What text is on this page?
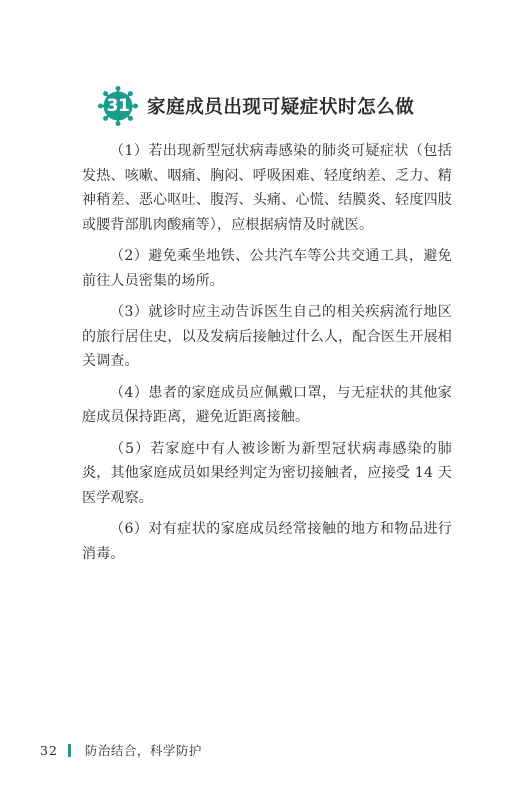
31 家庭成员出现可疑症状时怎么做

（1）若出现新型冠状病毒感染的肺炎可疑症状（包括发热、咳嗽、咽痛、胸闷、呼吸困难、轻度纳差、乏力、精神稍差、恶心呕吐、腹泻、头痛、心慌、结膜炎、轻度四肢或腰背部肌肉酸痛等），应根据病情及时就医。

（2）避免乘坐地铁、公共汽车等公共交通工具，避免前往人员密集的场所。

（3）就诊时应主动告诉医生自己的相关疾病流行地区的旅行居住史，以及发病后接触过什么人，配合医生开展相关调查。

（4）患者的家庭成员应佩戴口罩，与无症状的其他家庭成员保持距离，避免近距离接触。

（5）若家庭中有人被诊断为新型冠状病毒感染的肺炎，其他家庭成员如果经判定为密切接触者，应接受 14 天医学观察。

（6）对有症状的家庭成员经常接触的地方和物品进行消毒。

32 防治结合，科学防护
